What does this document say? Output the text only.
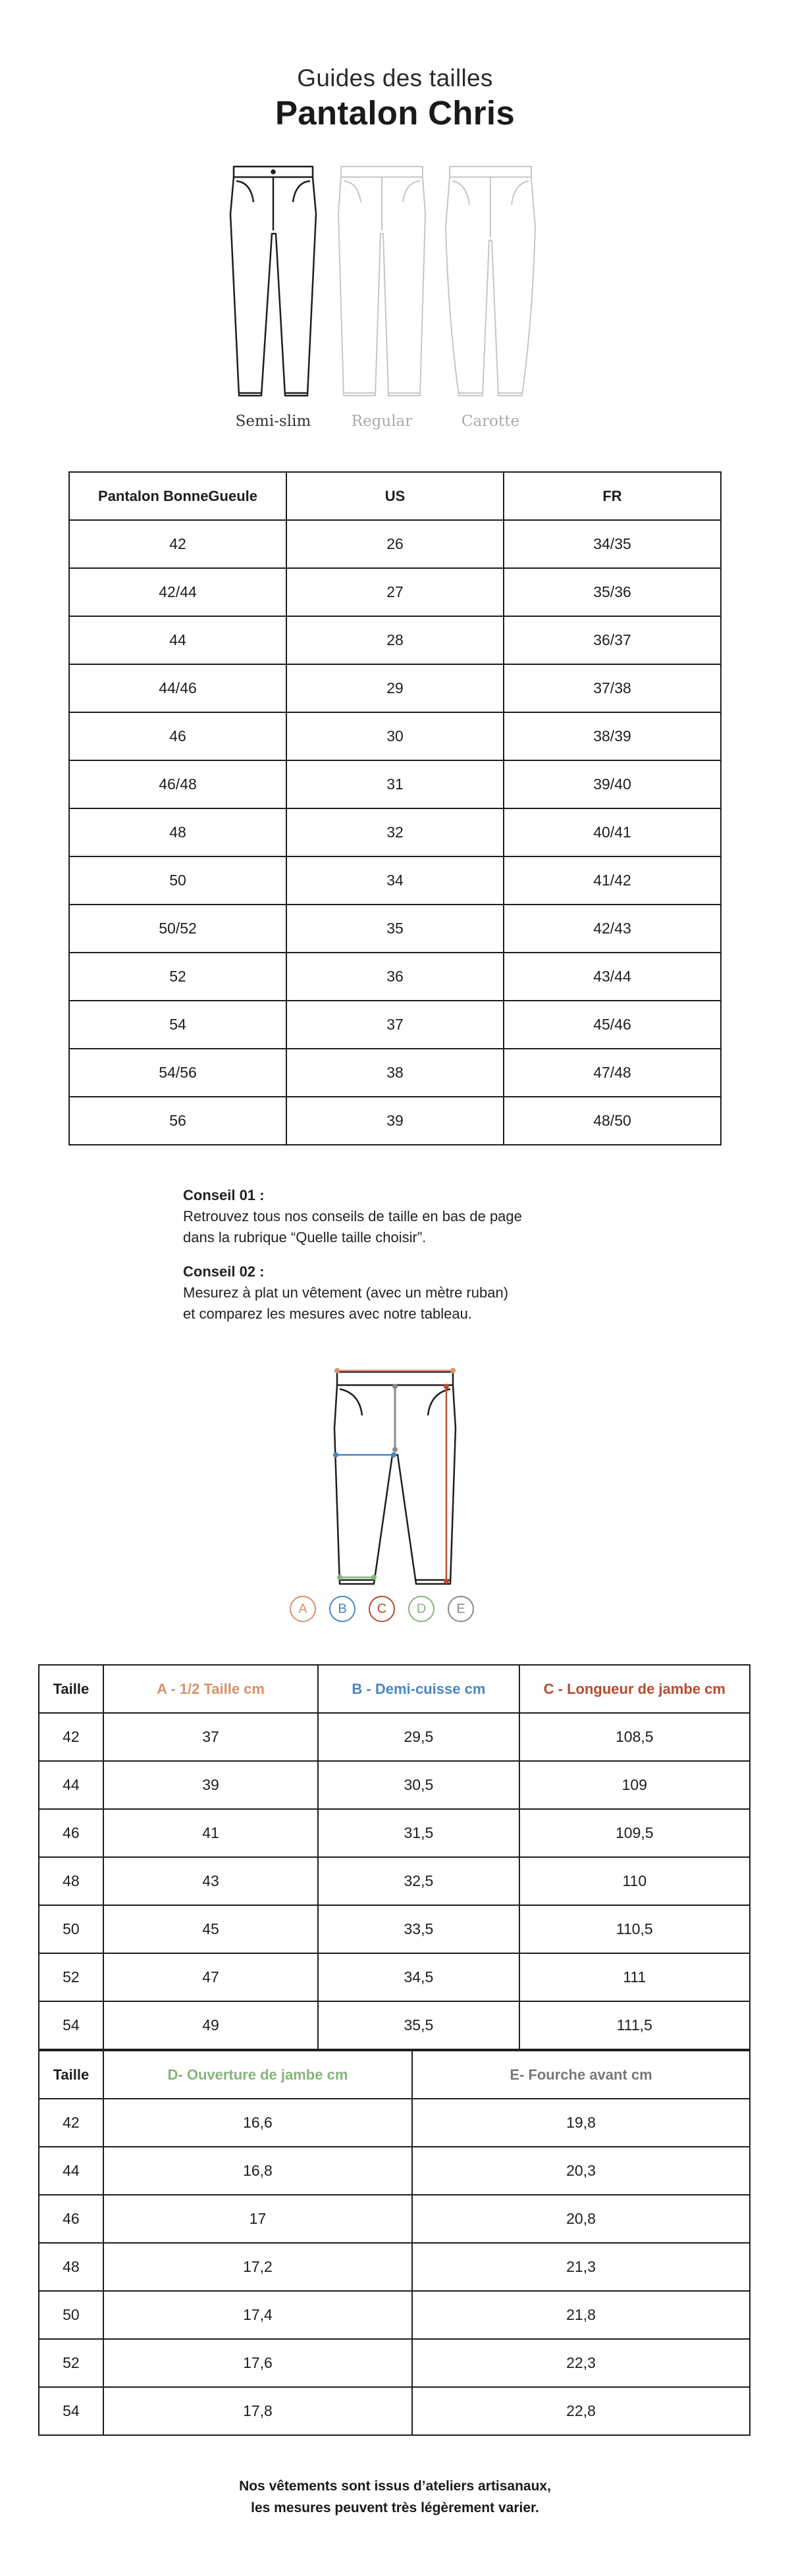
Guides des tailles
Pantalon Chris
Semi-slim	Regular	Carotte
Pantalon BonneGueule	US	FR
42	26	34/35
42/44	27	35/36
44	28	36/37
44/46	29	37/38
46	30	38/39
46/48	31	39/40
48	32	40/41
50	34	41/42
50/52	35	42/43
52	36	43/44
54	37	45/46
54/56	38	47/48
56	39	48/50
Conseil 01 :
Retrouvez tous nos conseils de taille en bas de page
dans la rubrique “Quelle taille choisir”.
Conseil 02 :
Mesurez à plat un vêtement (avec un mètre ruban)
et comparez les mesures avec notre tableau.
A	B	C	D	E
Taille	A - 1/2 Taille cm	B - Demi-cuisse cm	C - Longueur de jambe cm
42	37	29,5	108,5
44	39	30,5	109
46	41	31,5	109,5
48	43	32,5	110
50	45	33,5	110,5
52	47	34,5	111
54	49	35,5	111,5
Taille	D- Ouverture de jambe cm	E- Fourche avant cm
42	16,6	19,8
44	16,8	20,3
46	17	20,8
48	17,2	21,3
50	17,4	21,8
52	17,6	22,3
54	17,8	22,8
Nos vêtements sont issus d’ateliers artisanaux,
les mesures peuvent très légèrement varier.
